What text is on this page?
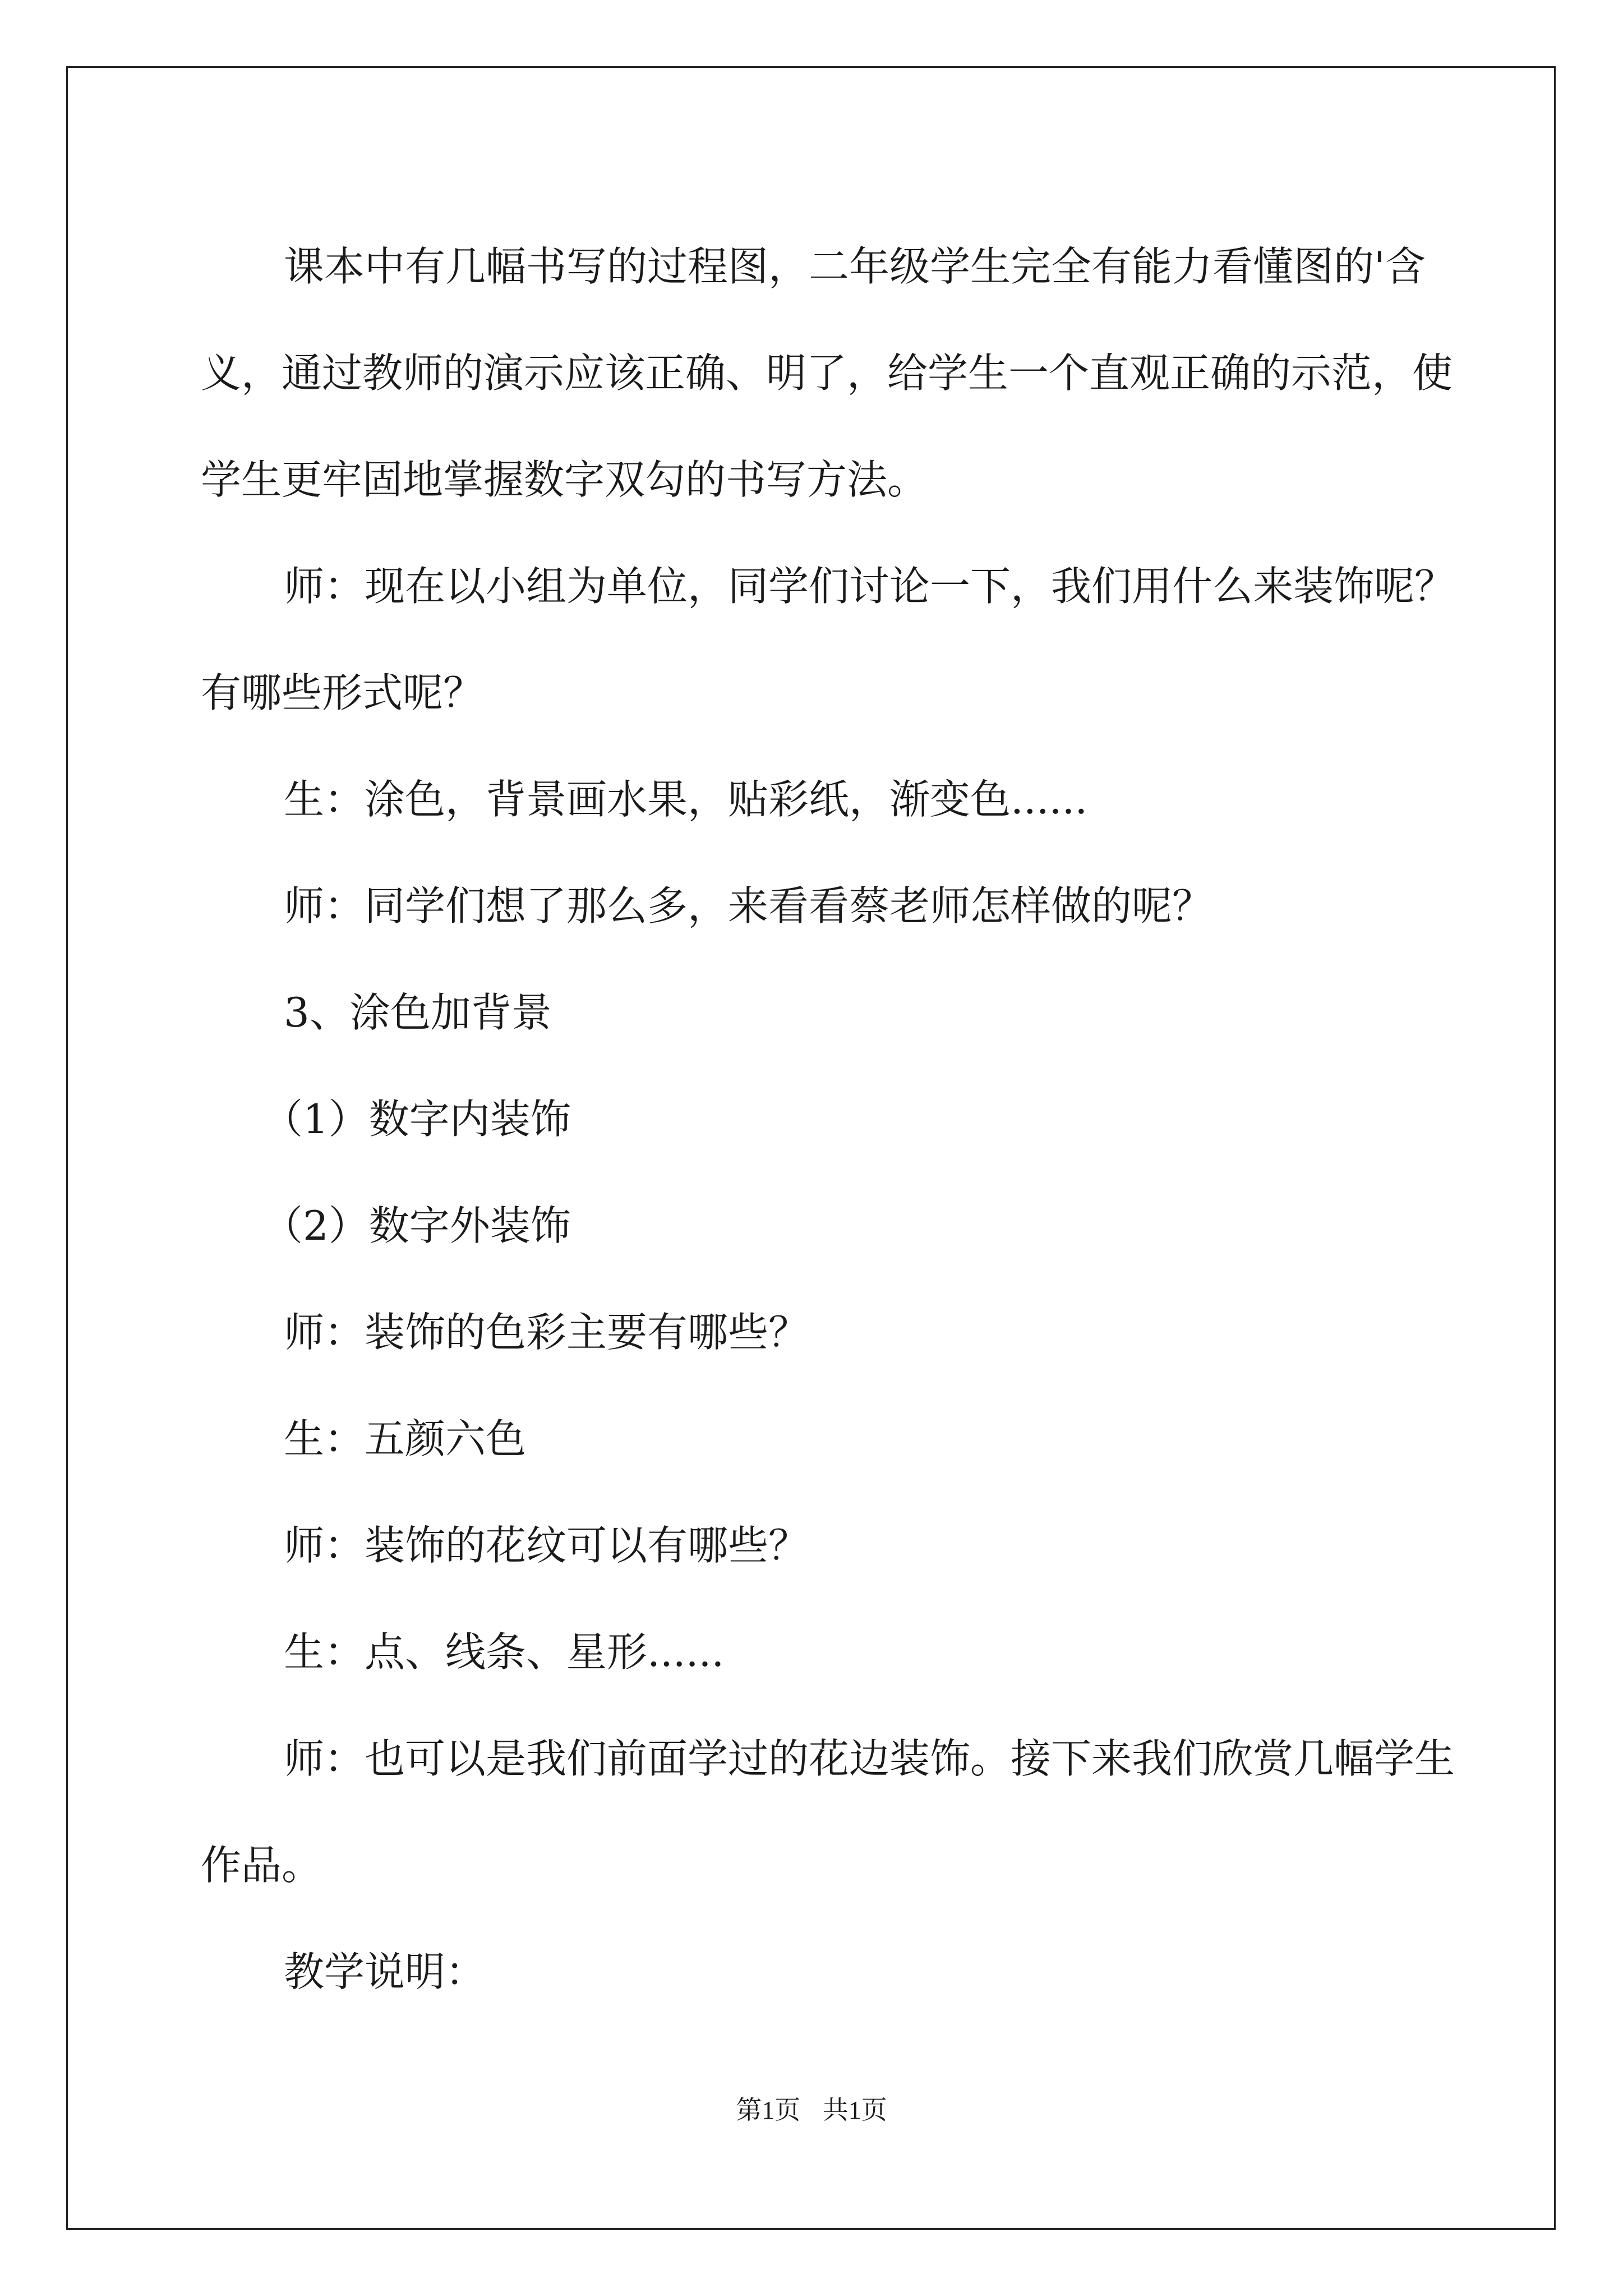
课本中有几幅书写的过程图，二年级学生完全有能力看懂图的'含义，通过教师的演示应该正确、明了，给学生一个直观正确的示范，使学生更牢固地掌握数字双勾的书写方法。

师：现在以小组为单位，同学们讨论一下，我们用什么来装饰呢？有哪些形式呢？

生：涂色，背景画水果，贴彩纸，渐变色......

师：同学们想了那么多，来看看蔡老师怎样做的呢？

3、涂色加背景

（1）数字内装饰

（2）数字外装饰

师：装饰的色彩主要有哪些？

生：五颜六色

师：装饰的花纹可以有哪些？

生：点、线条、星形......

师：也可以是我们前面学过的花边装饰。接下来我们欣赏几幅学生作品。

教学说明：

第1页 共1页
